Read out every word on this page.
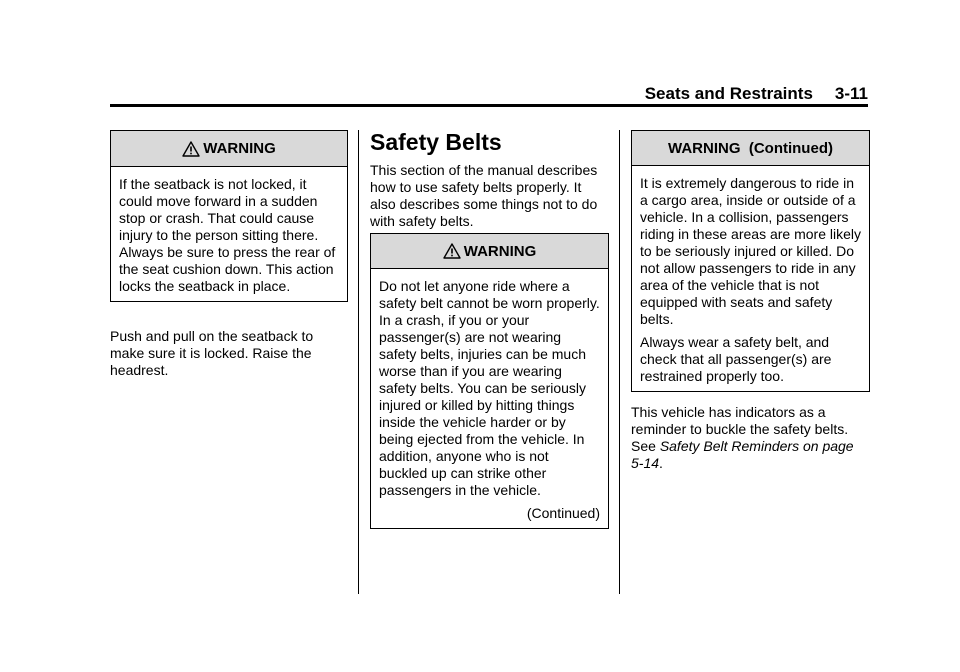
Seats and Restraints 3-11
WARNING

If the seatback is not locked, it could move forward in a sudden stop or crash. That could cause injury to the person sitting there. Always be sure to press the rear of the seat cushion down. This action locks the seatback in place.

Push and pull on the seatback to make sure it is locked. Raise the headrest.

Safety Belts

This section of the manual describes how to use safety belts properly. It also describes some things not to do with safety belts.

WARNING

Do not let anyone ride where a safety belt cannot be worn properly. In a crash, if you or your passenger(s) are not wearing safety belts, injuries can be much worse than if you are wearing safety belts. You can be seriously injured or killed by hitting things inside the vehicle harder or by being ejected from the vehicle. In addition, anyone who is not buckled up can strike other passengers in the vehicle.

(Continued)

WARNING  (Continued)

It is extremely dangerous to ride in a cargo area, inside or outside of a vehicle. In a collision, passengers riding in these areas are more likely to be seriously injured or killed. Do not allow passengers to ride in any area of the vehicle that is not equipped with seats and safety belts.

Always wear a safety belt, and check that all passenger(s) are restrained properly too.

This vehicle has indicators as a reminder to buckle the safety belts. See Safety Belt Reminders on page 5-14.
